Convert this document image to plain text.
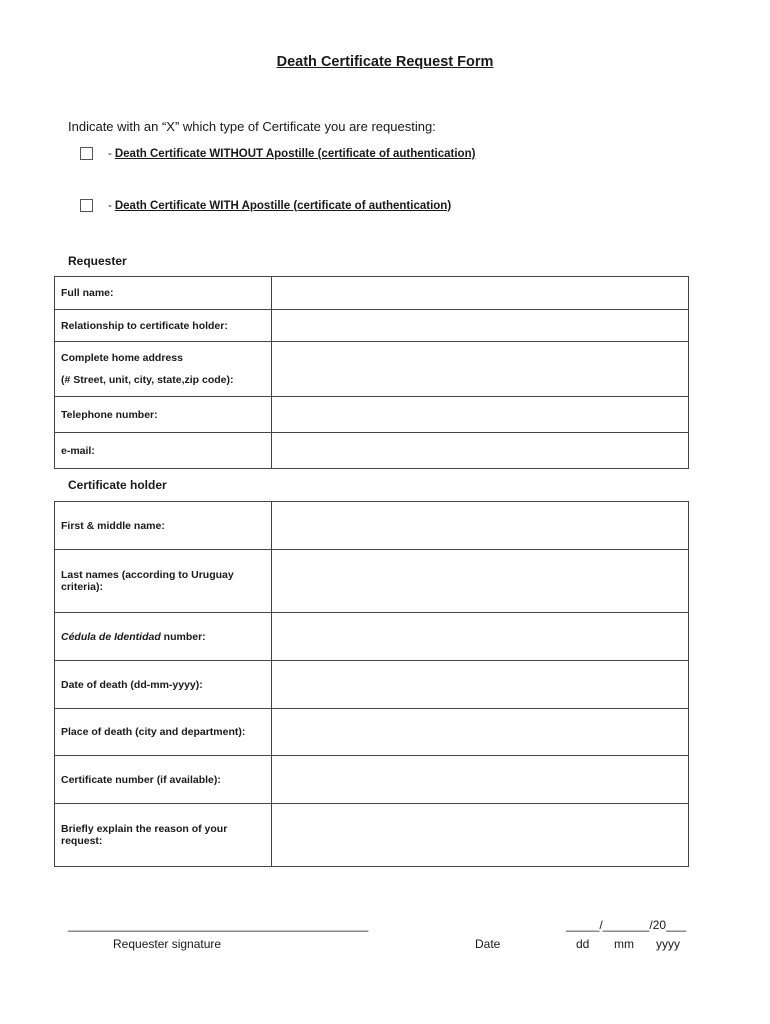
Death Certificate Request Form
Indicate with an “X” which type of Certificate you are requesting:
- Death Certificate WITHOUT Apostille (certificate of authentication)
- Death Certificate WITH Apostille (certificate of authentication)
Requester
Full name:	
Relationship to certificate holder:	
Complete home address
(# Street, unit, city, state,zip code):	

Telephone number:	
e-mail:	
Certificate holder
First & middle name:	
Last names (according to Uruguay criteria):	
Cédula de Identidad number:	
Date of death (dd-mm-yyyy):	
Place of death (city and department):	
Certificate number (if available):	
Briefly explain the reason of your request:	
_____________________________________________
Requester signature	Date
_____/_______/20___
dd mm yyyy
